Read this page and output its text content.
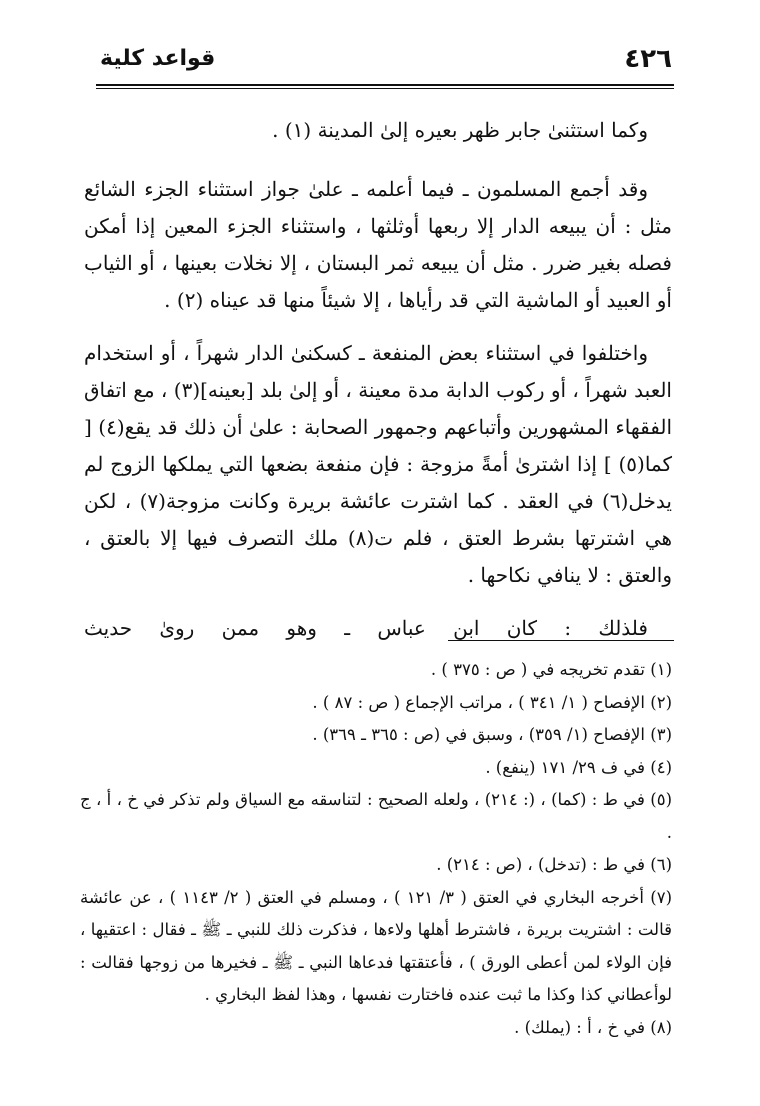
٤٢٦
قواعد كلية

وكما استثنىٰ جابر ظهر بعيره إلىٰ المدينة (١) .

وقد أجمع المسلمون ـ فيما أعلمه ـ علىٰ جواز استثناء الجزء الشائع مثل : أن يبيعه الدار إلا ربعها أوثلثها ، واستثناء الجزء المعين إذا أمكن فصله بغير ضرر . مثل أن يبيعه ثمر البستان ، إلا نخلات بعينها ، أو الثياب أو العبيد أو الماشية التي قد رأياها ، إلا شيئاً منها قد عيناه (٢) .

واختلفوا في استثناء بعض المنفعة ـ كسكنىٰ الدار شهراً ، أو استخدام العبد شهراً ، أو ركوب الدابة مدة معينة ، أو إلىٰ بلد [بعينه](٣) ، مع اتفاق الفقهاء المشهورين وأتباعهم وجمهور الصحابة : علىٰ أن ذلك قد يقع(٤) [ كما(٥) ] إذا اشترىٰ أمةً مزوجة : فإن منفعة بضعها التي يملكها الزوج لم يدخل(٦) في العقد . كما اشترت عائشة بريرة وكانت مزوجة(٧) ، لكن هي اشترتها بشرط العتق ، فلم ت(٨) ملك التصرف فيها إلا بالعتق ، والعتق : لا ينافي نكاحها .

فلذلك : كان ابن عباس ـ وهو ممن روىٰ حديث

(١) تقدم تخريجه في ( ص : ٣٧٥ ) .

(٢) الإفصاح ( ١/ ٣٤١ ) ، مراتب الإجماع ( ص : ٨٧ ) .

(٣) الإفصاح (١/ ٣٥٩) ، وسبق في (ص : ٣٦٥ ـ ٣٦٩) .

(٤) في ف ٢٩/ ١٧١ (ينفع) .

(٥) في ط : (كما) ، (: ٢١٤) ، ولعله الصحيح : لتناسقه مع السياق ولم تذكر في خ ، أ ، ج .

(٦) في ط : (تدخل) ، (ص : ٢١٤) .

(٧) أخرجه البخاري في العتق ( ٣/ ١٢١ ) ، ومسلم في العتق ( ٢/ ١١٤٣ ) ، عن عائشة قالت : اشتريت بريرة ، فاشترط أهلها ولاءها ، فذكرت ذلك للنبي ـ ﷺ ـ فقال : اعتقيها ، فإن الولاء لمن أعطى الورق ) ، فأعتقتها فدعاها النبي ـ ﷺ ـ فخيرها من زوجها فقالت : لوأعطاني كذا وكذا ما ثبت عنده فاختارت نفسها ، وهذا لفظ البخاري .

(٨) في خ ، أ : (يملك) .
